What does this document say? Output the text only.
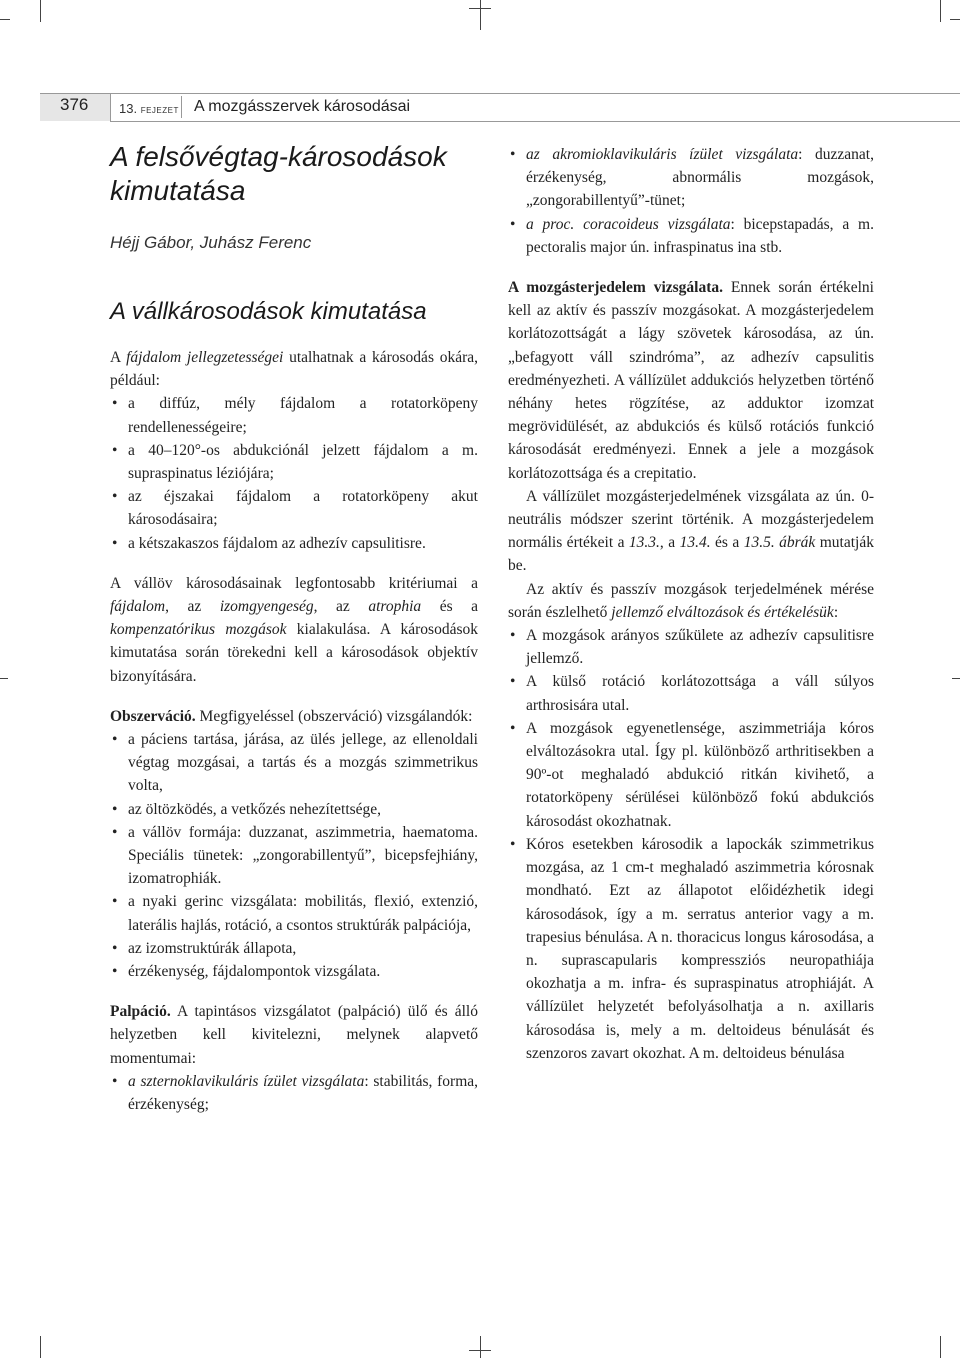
376 13. FEJEZET A mozgásszervek károsodásai
A felsővégtag-károsodások kimutatása
Héjj Gábor, Juhász Ferenc
A vállkárosodások kimutatása

A fájdalom jellegzetességei utalhatnak a károsodás okára, például:

• a diffúz, mély fájdalom a rotatorköpeny rendellenességeire;
• a 40–120°-os abdukciónál jelzett fájdalom a m. supraspinatus léziójára;
• az éjszakai fájdalom a rotatorköpeny akut károsodásaira;
• a kétszakaszos fájdalom az adhezív capsulitisre.

A vállöv károsodásainak legfontosabb kritériumai a fájdalom, az izomgyengeség, az atrophia és a kompenzatórikus mozgások kialakulása. A károsodások kimutatása során törekedni kell a károsodások objektív bizonyítására.

Obszerváció. Megfigyeléssel (obszerváció) vizsgálandók:

• a páciens tartása, járása, az ülés jellege, az ellenoldali végtag mozgásai, a tartás és a mozgás szimmetrikus volta,
• az öltözködés, a vetkőzés nehezítettsége,
• a vállöv formája: duzzanat, aszimmetria, haematoma. Speciális tünetek: „zongorabillentyű”, bicepsfejhiány, izomatrophiák.
• a nyaki gerinc vizsgálata: mobilitás, flexió, extenzió, laterális hajlás, rotáció, a csontos struktúrák palpációja,
• az izomstruktúrák állapota,
• érzékenység, fájdalompontok vizsgálata.

Palpáció. A tapintásos vizsgálatot (palpáció) ülő és álló helyzetben kell kivitelezni, melynek alapvető momentumai:

• a szternoklavikuláris ízület vizsgálata: stabilitás, forma, érzékenység;
• az akromioklavikuláris ízület vizsgálata: duzzanat, érzékenység, abnormális mozgások, „zongorabillentyű”-tünet;
• a proc. coracoideus vizsgálata: bicepstapadás, a m. pectoralis major ún. infraspinatus ina stb.

A mozgásterjedelem vizsgálata. Ennek során értékelni kell az aktív és passzív mozgásokat. A mozgásterjedelem korlátozottságát a lágy szövetek károsodása, az ún. „befagyott váll szindróma”, az adhezív capsulitis eredményezheti. A vállízület addukciós helyzetben történő néhány hetes rögzítése, az adduktor izomzat megrövidülését, az abdukciós és külső rotációs funkció károsodását eredményezi. Ennek a jele a mozgások korlátozottsága és a crepitatio.

A vállízület mozgásterjedelmének vizsgálata az ún. 0-neutrális módszer szerint történik. A mozgásterjedelem normális értékeit a 13.3., a 13.4. és a 13.5. ábrák mutatják be.

Az aktív és passzív mozgások terjedelmének mérése során észlelhető jellemző elváltozások és értékelésük:

• A mozgások arányos szűkülete az adhezív capsulitisre jellemző.
• A külső rotáció korlátozottsága a váll súlyos arthrosisára utal.
• A mozgások egyenetlensége, aszimmetriája kóros elváltozásokra utal. Így pl. különböző arthritisekben a 90º-ot meghaladó abdukció ritkán kivihető, a rotatorköpeny sérülései különböző fokú abdukciós károsodást okozhatnak.
• Kóros esetekben károsodik a lapockák szimmetrikus mozgása, az 1 cm-t meghaladó aszimmetria kórosnak mondható. Ezt az állapotot előidézhetik idegi károsodások, így a m. serratus anterior vagy a m. trapesius bénulása. A n. thoracicus longus károsodása, a n. suprascapularis kompressziós neuropathiája okozhatja a m. infra- és supraspinatus atrophiáját. A vállízület helyzetét befolyásolhatja a n. axillaris károsodása is, mely a m. deltoideus bénulását és szenzoros zavart okozhat. A m. deltoideus bénulása
